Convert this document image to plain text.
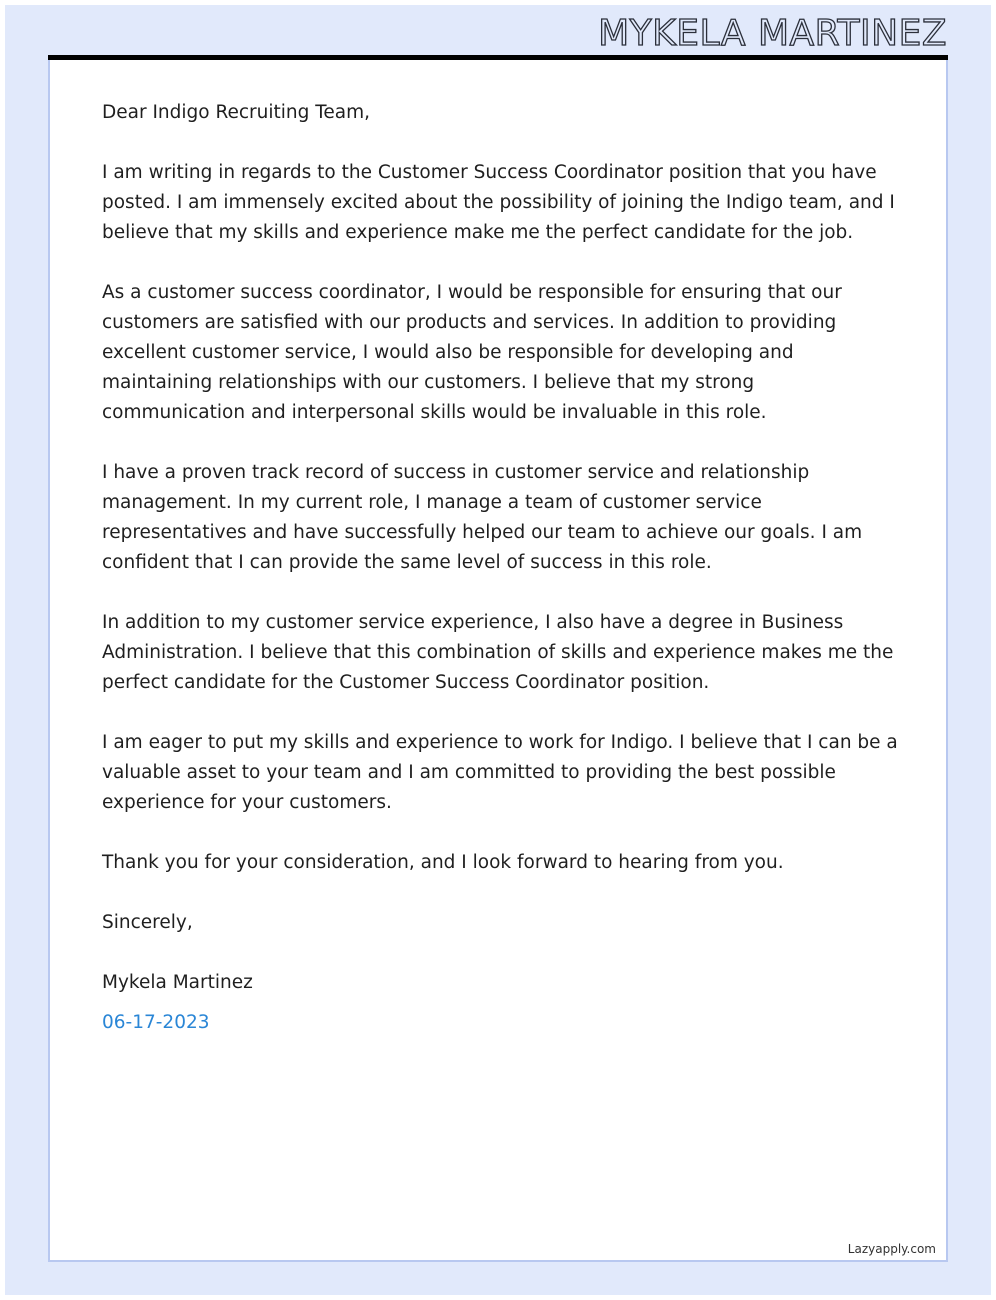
MYKELA MARTINEZ

Dear Indigo Recruiting Team,

I am writing in regards to the Customer Success Coordinator position that you have posted. I am immensely excited about the possibility of joining the Indigo team, and I believe that my skills and experience make me the perfect candidate for the job.

As a customer success coordinator, I would be responsible for ensuring that our customers are satisfied with our products and services. In addition to providing excellent customer service, I would also be responsible for developing and maintaining relationships with our customers. I believe that my strong communication and interpersonal skills would be invaluable in this role.

I have a proven track record of success in customer service and relationship management. In my current role, I manage a team of customer service representatives and have successfully helped our team to achieve our goals. I am confident that I can provide the same level of success in this role.

In addition to my customer service experience, I also have a degree in Business Administration. I believe that this combination of skills and experience makes me the perfect candidate for the Customer Success Coordinator position.

I am eager to put my skills and experience to work for Indigo. I believe that I can be a valuable asset to your team and I am committed to providing the best possible experience for your customers.

Thank you for your consideration, and I look forward to hearing from you.

Sincerely,

Mykela Martinez

06-17-2023

Lazyapply.com
